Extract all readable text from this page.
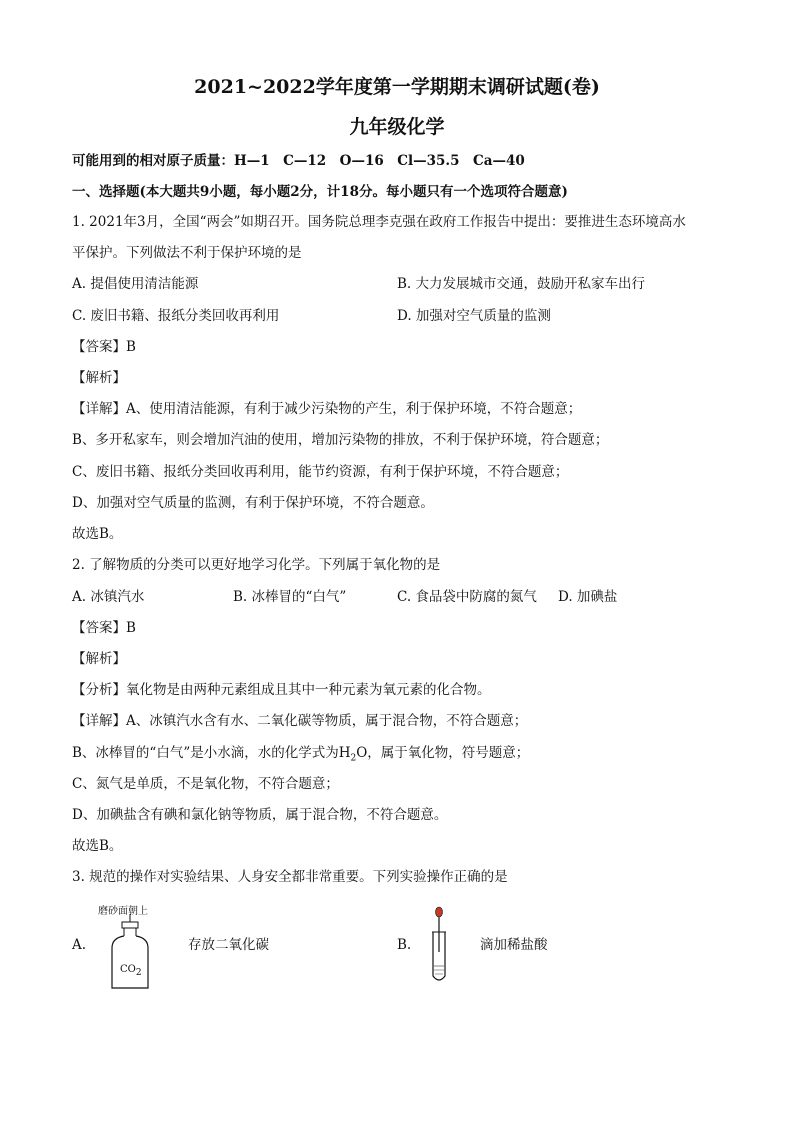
2021~2022学年度第一学期期末调研试题(卷)
九年级化学
可能用到的相对原子质量：H—1　C—12　O—16　Cl—35.5　Ca—40
一、选择题(本大题共9小题，每小题2分，计18分。每小题只有一个选项符合题意)
1. 2021年3月，全国“两会”如期召开。国务院总理李克强在政府工作报告中提出：要推进生态环境高水
平保护。下列做法不利于保护环境的是
A. 提倡使用清洁能源	B. 大力发展城市交通，鼓励开私家车出行
C. 废旧书籍、报纸分类回收再利用	D. 加强对空气质量的监测
【答案】B
【解析】
【详解】A、使用清洁能源，有利于减少污染物的产生，利于保护环境，不符合题意；
B、多开私家车，则会增加汽油的使用，增加污染物的排放，不利于保护环境，符合题意；
C、废旧书籍、报纸分类回收再利用，能节约资源，有利于保护环境，不符合题意；
D、加强对空气质量的监测，有利于保护环境，不符合题意。
故选B。
2. 了解物质的分类可以更好地学习化学。下列属于氧化物的是
A. 冰镇汽水	B. 冰棒冒的“白气”	C. 食品袋中防腐的氮气 D. 加碘盐
【答案】B
【解析】
【分析】氧化物是由两种元素组成且其中一种元素为氧元素的化合物。
【详解】A、冰镇汽水含有水、二氧化碳等物质，属于混合物，不符合题意；
B、冰棒冒的“白气”是小水滴，水的化学式为$H_2O$，属于氧化物，符号题意；
C、氮气是单质，不是氧化物，不符合题意；
D、加碘盐含有碘和氯化钠等物质，属于混合物，不符合题意。
故选B。
3. 规范的操作对实验结果、人身安全都非常重要。下列实验操作正确的是
磨砂面朝上
$CO_2$
A.	存放二氧化碳	B.	滴加稀盐酸
